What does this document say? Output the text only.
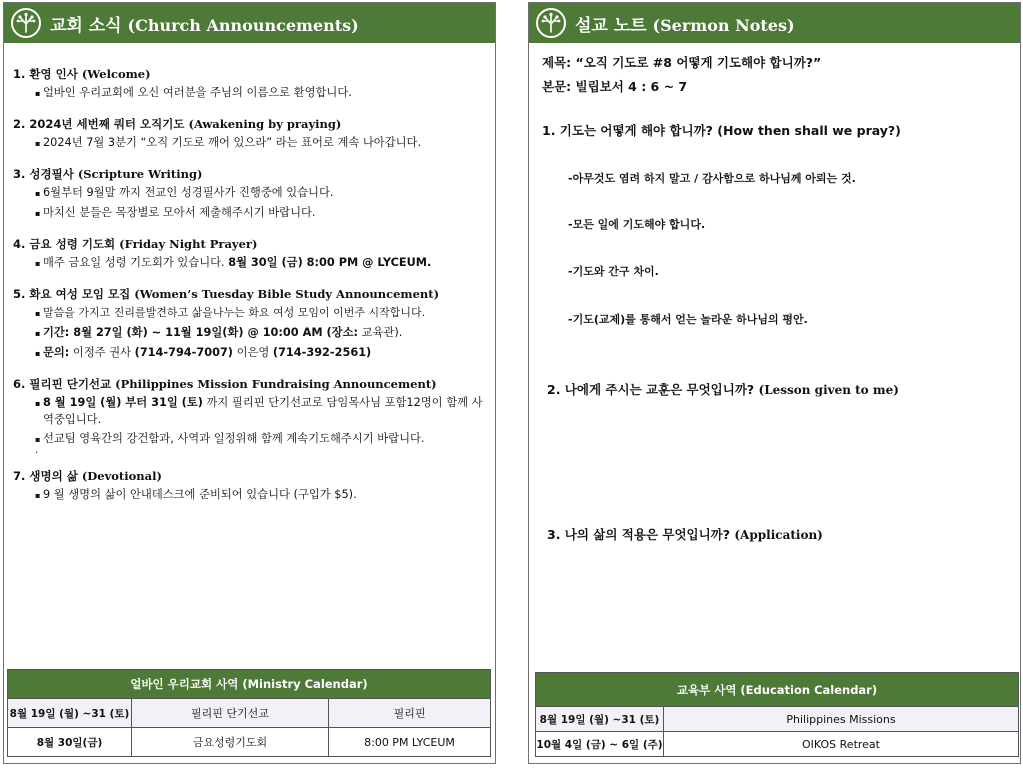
교회 소식 (Church Announcements)
1. 환영 인사 (Welcome)
▪ 얼바인 우리교회에 오신 여러분을 주님의 이름으로 환영합니다.
2. 2024년 세번째 쿼터 오직기도 (Awakening by praying)
▪ 2024년 7월 3분기 “오직 기도로 깨어 있으라” 라는 표어로 계속 나아갑니다.
3. 성경필사 (Scripture Writing)
▪ 6월부터 9월말 까지 전교인 성경필사가 진행중에 있습니다.
▪ 마치신 분들은 목장별로 모아서 제출해주시기 바랍니다.
4. 금요 성령 기도회 (Friday Night Prayer)
▪ 매주 금요일 성령 기도회가 있습니다. 8월 30일 (금) 8:00 PM @ LYCEUM.
5. 화요 여성 모임 모집 (Women’s Tuesday Bible Study Announcement)
▪ 말씀을 가지고 진리를발견하고 삶을나누는 화요 여성 모임이 이번주 시작합니다.
▪ 기간: 8월 27일 (화) ~ 11월 19일(화) @ 10:00 AM (장소: 교육관).
▪ 문의: 이정주 권사 (714-794-7007) 이은영 (714-392-2561)
6. 필리핀 단기선교 (Philippines Mission Fundraising Announcement)
▪ 8 월 19일 (월) 부터 31일 (토) 까지 필리핀 단기선교로 담임목사님 포함12명이 함께 사역중입니다.
▪ 선교팀 영육간의 강건함과, 사역과 일정위해 함께 계속기도해주시기 바랍니다.
.
7. 생명의 삶 (Devotional)
▪ 9 월 생명의 삶이 안내데스크에 준비되어 있습니다 (구입가 $5).
얼바인 우리교회 사역 (Ministry Calendar)		
8월 19일 (월) ~31 (토)	필리핀 단기선교	필리핀
8월 30일(금)	금요성령기도회	8:00 PM LYCEUM
설교 노트 (Sermon Notes)
제목: “오직 기도로 #8 어떻게 기도해야 합니까?”
본문: 빌립보서 4 : 6 ~ 7
1. 기도는 어떻게 해야 합니까? (How then shall we pray?)
-아무것도 염려 하지 말고 / 감사함으로 하나님께 아뢰는 것.
-모든 일에 기도해야 합니다.
-기도와 간구 차이.
-기도(교제)를 통해서 얻는 놀라운 하나님의 평안.
2. 나에게 주시는 교훈은 무엇입니까? (Lesson given to me)
3. 나의 삶의 적용은 무엇입니까? (Application)
교육부 사역 (Education Calendar)	
8월 19일 (월) ~31 (토)	Philippines Missions
10월 4일 (금) ~ 6일 (주)	OIKOS Retreat
